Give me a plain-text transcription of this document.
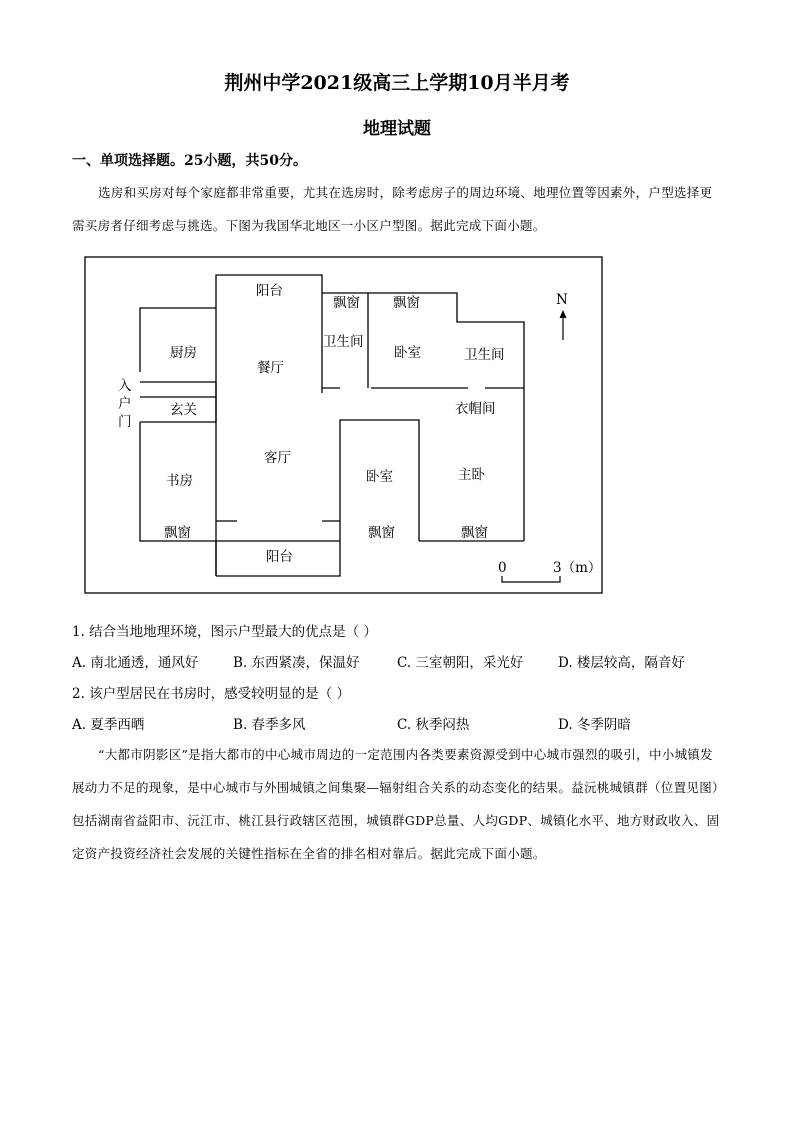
荆州中学2021级高三上学期10月半月考
地理试题
一、单项选择题。25小题，共50分。
选房和买房对每个家庭都非常重要，尤其在选房时，除考虑房子的周边环境、地理位置等因素外，户型选择更需买房者仔细考虑与挑选。下图为我国华北地区一小区户型图。据此完成下面小题。
阳台
飘窗 飘窗
厨房
餐厅
卫生间
卧室	卫生间
入
户
门
玄关	衣帽间
客厅
书房	卧室	主卧
飘窗	飘窗	飘窗
阳台
N
0	3（m）
1. 结合当地地理环境，图示户型最大的优点是（ ）
A. 南北通透，通风好	B. 东西紧凑，保温好	C. 三室朝阳，采光好	D. 楼层较高，隔音好
2. 该户型居民在书房时，感受较明显的是（ ）
A. 夏季西晒	B. 春季多风	C. 秋季闷热	D. 冬季阴暗
“大都市阴影区”是指大都市的中心城市周边的一定范围内各类要素资源受到中心城市强烈的吸引，中小城镇发展动力不足的现象，是中心城市与外围城镇之间集聚—辐射组合关系的动态变化的结果。益沅桃城镇群（位置见图）包括湖南省益阳市、沅江市、桃江县行政辖区范围，城镇群GDP总量、人均GDP、城镇化水平、地方财政收入、固定资产投资经济社会发展的关键性指标在全省的排名相对靠后。据此完成下面小题。
